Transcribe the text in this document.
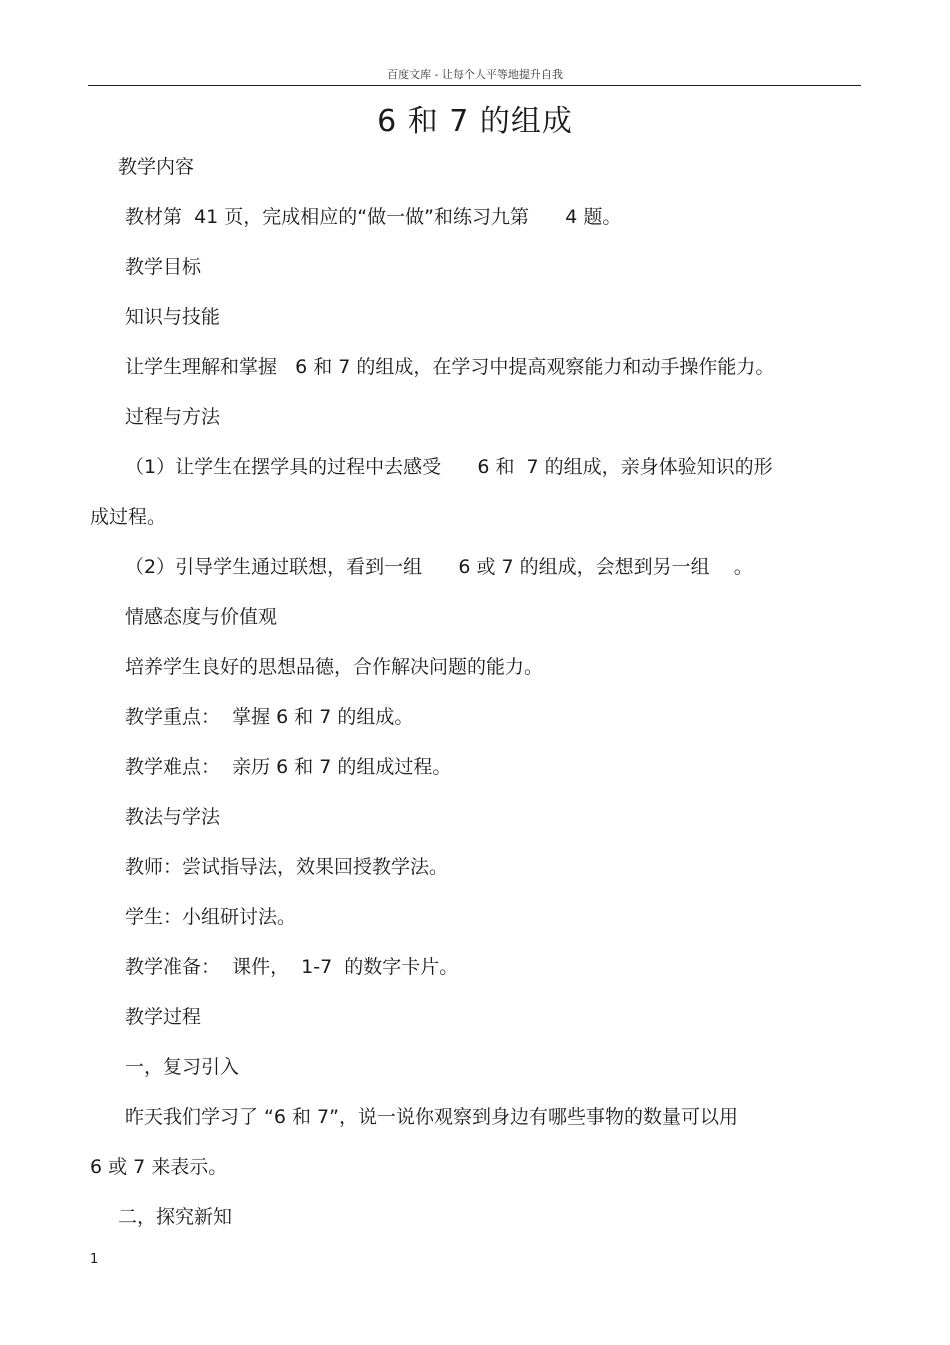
百度文库 - 让每个人平等地提升自我
6 和 7 的组成
教学内容
教材第  41 页，完成相应的“做一做”和练习九第      4 题。
教学目标
知识与技能
让学生理解和掌握   6 和 7 的组成，在学习中提高观察能力和动手操作能力。
过程与方法
（1）让学生在摆学具的过程中去感受      6 和  7 的组成，亲身体验知识的形
成过程。
（2）引导学生通过联想，看到一组      6 或 7 的组成，会想到另一组    。
情感态度与价值观
培养学生良好的思想品德，合作解决问题的能力。
教学重点：  掌握 6 和 7 的组成。
教学难点：  亲历 6 和 7 的组成过程。
教法与学法
教师：尝试指导法，效果回授教学法。
学生：小组研讨法。
教学准备：  课件，  1-7  的数字卡片。
教学过程
一，复习引入
昨天我们学习了 “6 和 7”，说一说你观察到身边有哪些事物的数量可以用
6 或 7 来表示。
二，探究新知
1
